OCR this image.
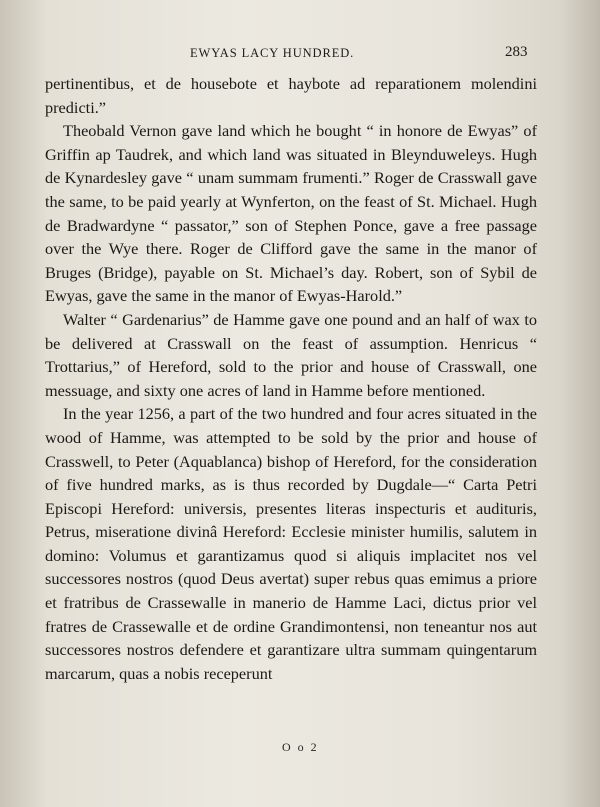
EWYAS LACY HUNDRED.	283

pertinentibus, et de housebote et haybote ad reparationem molendini predicti.”

Theobald Vernon gave land which he bought “ in honore de Ewyas” of Griffin ap Taudrek, and which land was situated in Bleynduweleys. Hugh de Kynardesley gave “ unam summam frumenti.” Roger de Crasswall gave the same, to be paid yearly at Wynferton, on the feast of St. Michael. Hugh de Bradwardyne “ passator,” son of Stephen Ponce, gave a free passage over the Wye there. Roger de Clifford gave the same in the manor of Bruges (Bridge), payable on St. Michael’s day. Robert, son of Sybil de Ewyas, gave the same in the manor of Ewyas-Harold.”

Walter “ Gardenarius” de Hamme gave one pound and an half of wax to be delivered at Crasswall on the feast of assumption. Henricus “ Trottarius,” of Hereford, sold to the prior and house of Crasswall, one messuage, and sixty one acres of land in Hamme before mentioned.

In the year 1256, a part of the two hundred and four acres situated in the wood of Hamme, was attempted to be sold by the prior and house of Crasswell, to Peter (Aquablanca) bishop of Hereford, for the consideration of five hundred marks, as is thus recorded by Dugdale—“ Carta Petri Episcopi Hereford: universis, presentes literas inspecturis et audituris, Petrus, miseratione divinâ Hereford: Ecclesie minister humilis, salutem in domino: Volumus et garantizamus quod si aliquis implacitet nos vel successores nostros (quod Deus avertat) super rebus quas emimus a priore et fratribus de Crassewalle in manerio de Hamme Laci, dictus prior vel fratres de Crassewalle et de ordine Grandimontensi, non teneantur nos aut successores nostros defendere et garantizare ultra summam quingentarum marcarum, quas a nobis receperunt

O o 2
